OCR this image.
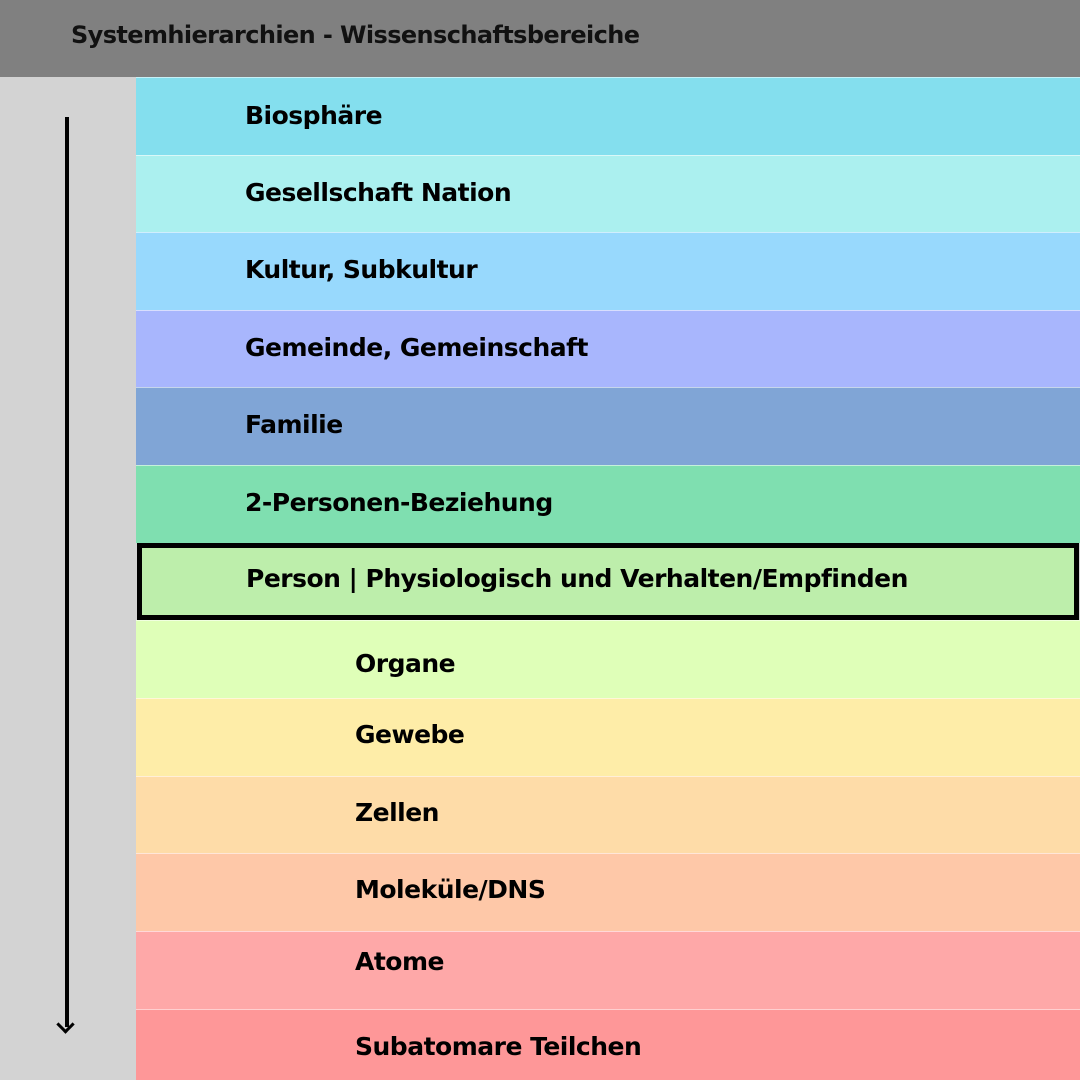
Systemhierarchien - Wissenschaftsbereiche
Biosphäre
Gesellschaft Nation
Kultur, Subkultur
Gemeinde, Gemeinschaft
Familie
2-Personen-Beziehung
Person | Physiologisch und Verhalten/Empfinden
Organe
Gewebe
Zellen
Moleküle/DNS
Atome
Subatomare Teilchen
